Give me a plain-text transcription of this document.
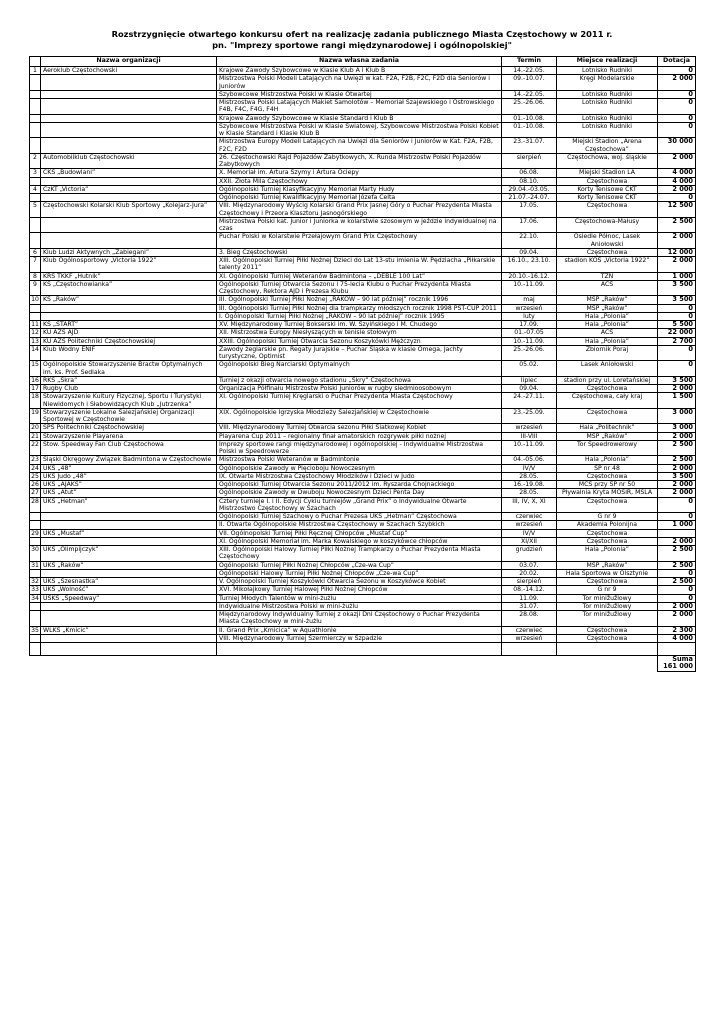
Rozstrzygnięcie otwartego konkursu ofert na realizację zadania publicznego Miasta Częstochowy w 2011 r.
pn. "Imprezy sportowe rangi międzynarodowej i ogólnopolskiej"
	Nazwa organizacji	Nazwa własna zadania	Termin	Miejsce realizacji	Dotacja
1	Aeroklub Częstochowski	Krajowe Zawody Szybowcowe w Klasie Klub A i Klub B	14.-22.05.	Lotnisko Rudniki	0
		Mistrzostwa Polski Modeli Latających na Uwięzi w kat. F2A, F2B, F2C, F2D dla Seniorów i Juniorów	09.-10.07.	Kręgi Modelarskie	2 000
		Szybowcowe Mistrzostwa Polski w Klasie Otwartej	14.-22.05.	Lotnisko Rudniki	0
		Mistrzostwa Polski Latających Makiet Samolotów – Memoriał Szajewskiego i Ostrowskiego F4B, F4C, F4G, F4H	25.-26.06.	Lotnisko Rudniki	0
		Krajowe Zawody Szybowcowe w Klasie Standard i Klub B	01.-10.08.	Lotnisko Rudniki	0
		Szybowcowe Mistrzostwa Polski w Klasie Światowej, Szybowcowe Mistrzostwa Polski Kobiet w Klasie Standard i Klasie Klub B	01.-10.08.	Lotnisko Rudniki	0
		Mistrzostwa Europy Modeli Latających na Uwięzi dla Seniorów i Juniorów w Kat. F2A, F2B, F2C, F2D	23.-31.07.	Miejski Stadion „Arena Częstochowa”	30 000
2	Automobilklub Częstochowski	26. Częstochowski Rajd Pojazdów Zabytkowych, X. Runda Mistrzostw Polski Pojazdów Zabytkowych	sierpień	Częstochowa, woj. śląskie	2 000
3	CKS „Budowlani”	X. Memoriał im. Artura Szymy i Artura Ociepy	06.08.	Miejski Stadion LA	4 000
		XXII. Złota Mila Częstochowy	08.10.	Częstochowa	4 000
4	CzKT „Victoria”	Ogólnopolski Turniej Klasyfikacyjny Memoriał Marty Hudy	29.04.-03.05.	Korty Tenisowe CKT	2 000
		Ogólnopolski Turniej Kwalifikacyjny Memoriał Józefa Celta	21.07.-24.07.	Korty Tenisowe CKT	0
5	Częstochowski Kolarski Klub Sportowy „Kolejarz-Jura”	VIII. Międzynarodowy Wyścig Kolarski Grand Prix Jasnej Góry o Puchar Prezydenta Miasta Częstochowy i Przeora Klasztoru Jasnogórskiego	17.05.	Częstochowa	12 500
		Mistrzostwa Polski kat. Junior i Juniorka w kolarstwie szosowym w jeździe indywidualnej na czas	17.06.	Częstochowa-Małusy	2 500
		Puchar Polski w Kolarstwie Przełajowym Grand Prix Częstochowy	22.10.	Osiedle Północ, Lasek Aniołowski	2 000
6	Klub Ludzi Aktywnych „Zabiegani”	3. Bieg Częstochowski	09.04.	Częstochowa	12 000
7	Klub Ogólnosportowy „Victoria 1922”	XIII. Ogólnopolski Turniej Piłki Nożnej Dzieci do Lat 13-stu imienia W. Pędziacha „Piłkarskie talenty 2011”	16.10., 23.10.	stadion KOS „Victoria 1922”	2 000
8	KRS TKKF „Hutnik”	XI. Ogólnopolski Turniej Weteranów Badmintona – „DEBLE 100 Lat”	20.10.-16.12.	TZN	1 000
9	KS „Częstochowianka”	Ogólnopolski Turniej Otwarcia Sezonu i 75-lecia Klubu o Puchar Prezydenta Miasta Częstochowy, Rektora AJD i Prezesa Klubu	10.-11.09.	ACS	3 500
10	KS „Raków”	III. Ogólnopolski Turniej Piłki Nożnej „RAKÓW – 90 lat później” rocznik 1996	maj	MSP „Raków”	3 500
		III. Ogólnopolski Turniej Piłki Nożnej dla trampkarzy młodszych rocznik 1998 PST-CUP 2011	wrzesień	MSP „Raków”	0
		I. Ogólnopolski Turniej Piłki Nożnej „RAKÓW – 90 lat później” rocznik 1995	luty	Hala „Polonia”	0
11	KS „START”	XV. Międzynarodowy Turniej Bokserski im. W. Szyińskiego i M. Chudego	17.09.	Hala „Polonia”	5 500
12	KU AZS AJD	XII. Mistrzostwa Europy Niesłyszących w tenisie stołowym	01.-07.05	ACS	22 000
13	KU AZS Politechniki Częstochowskiej	XXIII. Ogólnopolski Turniej Otwarcia Sezonu Koszykówki Mężczyzn	10.-11.09.	Hala „Polonia”	2 700
14	Klub Wodny ENIF	Zawody żeglarskie pn. Regaty Jurajskie – Puchar Śląska w klasie Omega, Jachty turystyczne, Optimist	25.-26.06.	Zbiornik Poraj	0
15	Ogólnopolskie Stowarzyszenie Bractw Optymalnych im. ks. Prof. Sedlaka	Ogólnopolski Bieg Narciarski Optymalnych	05.02.	Lasek Aniołowski	0
16	RKS „Skra”	Turniej z okazji otwarcia nowego stadionu „Skry” Częstochowa	lipiec	stadion przy ul. Loretańskiej	3 500
17	Rugby Club	Organizacja Półfinału Mistrzostw Polski Juniorów w rugby siedmioosobowym	09.04.	Częstochowa	2 000
18	Stowarzyszenie Kultury Fizycznej, Sportu i Turystyki Niewidomych i Słabowidzących Klub „Jutrzenka”	XI. Ogólnopolski Turniej Kręglarski o Puchar Prezydenta Miasta Częstochowy	24.-27.11.	Częstochowa, cały kraj	1 500
19	Stowarzyszenie Lokalne Salezjańskiej Organizacji Sportowej w Częstochowie	XIX. Ogólnopolskie Igrzyska Młodzieży Salezjańskiej w Częstochowie	23.-25.09.	Częstochowa	3 000
20	SPS Politechniki Częstochowskiej	VIII. Międzynarodowy Turniej Otwarcia sezonu Piłki Siatkowej Kobiet	wrzesień	Hala „Politechnik”	3 000
21	Stowarzyszenie Playarena	Playarena Cup 2011 – regionalny finał amatorskich rozgrywek piłki nożnej	III-VIII	MSP „Raków”	2 000
22	Stow. Speedway Fan Club Częstochowa	Imprezy sportowe rangi międzynarodowej i ogólnopolskiej - Indywidualne Mistrzostwa Polski w Speedrowerze	10.-11.09.	Tor Speedrowerowy	2 500
23	Śląski Okręgowy Związek Badmintona w Częstochowie	Mistrzostwa Polski Weteranów w Badmintonie	04.-05.06.	Hala „Polonia”	2 500
24	UKS „48”	Ogólnopolskie Zawody w Pięcioboju Nowoczesnym	IV/V	SP nr 48	2 000
25	UKS Judo „48”	IX. Otwarte Mistrzostwa Częstochowy Młodzików i Dzieci w Judo	28.05.	Częstochowa	3 500
26	UKS „AJAKS”	Ogólnopolski Turniej Otwarcia Sezonu 2011/2012 im. Ryszarda Chojnackiego	16.-19.08.	MCS przy SP nr 50	2 000
27	UKS „Atut”	Ogólnopolskie Zawody w Dwuboju Nowoczesnym Dzieci Penta Day	28.05.	Pływalnia Kryta MOSiR, MSLA	2 000
28	UKS „Hetman”	Cztery turnieje I. i II. Edycji Cyklu turniejów „Grand Prix” o Indywidualne Otwarte Mistrzostwo Częstochowy w Szachach	III, IV, X, XI	Częstochowa	0
		Ogólnopolski Turniej Szachowy o Puchar Prezesa UKS „Hetman” Częstochowa	czerwiec	G nr 9	0
		II. Otwarte Ogólnopolskie Mistrzostwa Częstochowy w Szachach Szybkich	wrzesień	Akademia Polonijna	1 000
29	UKS „Mustaf”	VII. Ogólnopolski Turniej Piłki Ręcznej Chłopców „Mustaf Cup”	IV/V	Częstochowa	
		XI. Ogólnopolski Memoriał im. Marka Kowalskiego w koszykówce chłopców	XI/XII	Częstochowa	2 000
30	UKS „Olimpijczyk”	XIII. Ogólnopolski Halowy Turniej Piłki Nożnej Trampkarzy o Puchar Prezydenta Miasta Częstochowy	grudzień	Hala „Polonia”	2 500
31	UKS „Raków”	Ogólnopolski Turniej Piłki Nożnej Chłopców „Cze-wa Cup”	03.07.	MSP „Raków”	2 500
		Ogólnopolski Halowy Turniej Piłki Nożnej Chłopców „Cze-wa Cup”	20.02.	Hala Sportowa w Olsztynie	0
32	UKS „Szesnastka”	V. Ogólnopolski Turniej Koszykówki Otwarcia Sezonu w Koszykówce Kobiet	sierpień	Częstochowa	2 500
33	UKS „Wolność”	XVI. Mikołajkowy Turniej Halowej Piłki Nożnej Chłopców	08.-14.12.	G nr 9	0
34	USKS „Speedway”	Turniej Młodych Talentów w mini-żużlu	11.09.	Tor minižužlowy	0
		Indywidualne Mistrzostwa Polski w mini-żużlu	31.07.	Tor minižužlowy	2 000
		Międzynarodowy Indywidualny Turniej z okazji Dni Częstochowy o Puchar Prezydenta Miasta Częstochowy w mini-żużlu	28.08.	Tor minižužlowy	2 000
35	WLKS „Kmicic”	II. Grand Prix „Kmicica” w Aquathlonie	czerwiec	Częstochowa	2 300
		VIII. Międzynarodowy Turniej Szermierczy w Szpadzie	wrzesień	Częstochowa	4 000

					Suma 161 000
